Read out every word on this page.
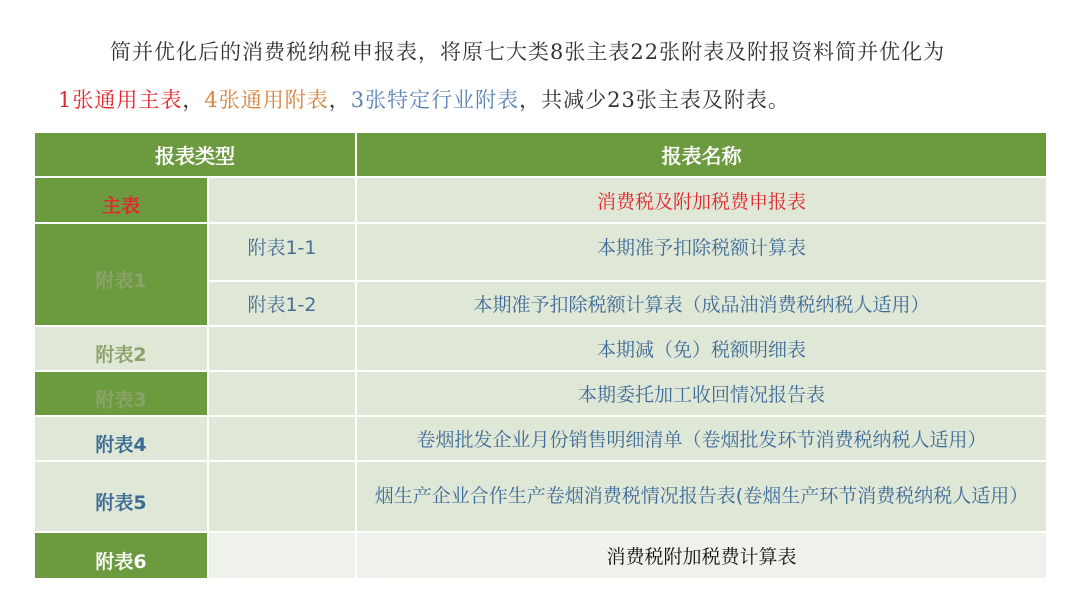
简并优化后的消费税纳税申报表，将原七大类8张主表22张附表及附报资料简并优化为
1张通用主表，4张通用附表，3张特定行业附表，共减少23张主表及附表。
报表类型		报表名称

主表		消费税及附加税费申报表

附表1	附表1-1	本期准予扣除税额计算表
	附表1-2	本期准予扣除税额计算表（成品油消费税纳税人适用）

附表2		本期减（免）税额明细表

附表3		本期委托加工收回情况报告表

附表4		卷烟批发企业月份销售明细清单（卷烟批发环节消费税纳税人适用）

附表5		烟生产企业合作生产卷烟消费税情况报告表(卷烟生产环节消费税纳税人适用）

附表6		消费税附加税费计算表
